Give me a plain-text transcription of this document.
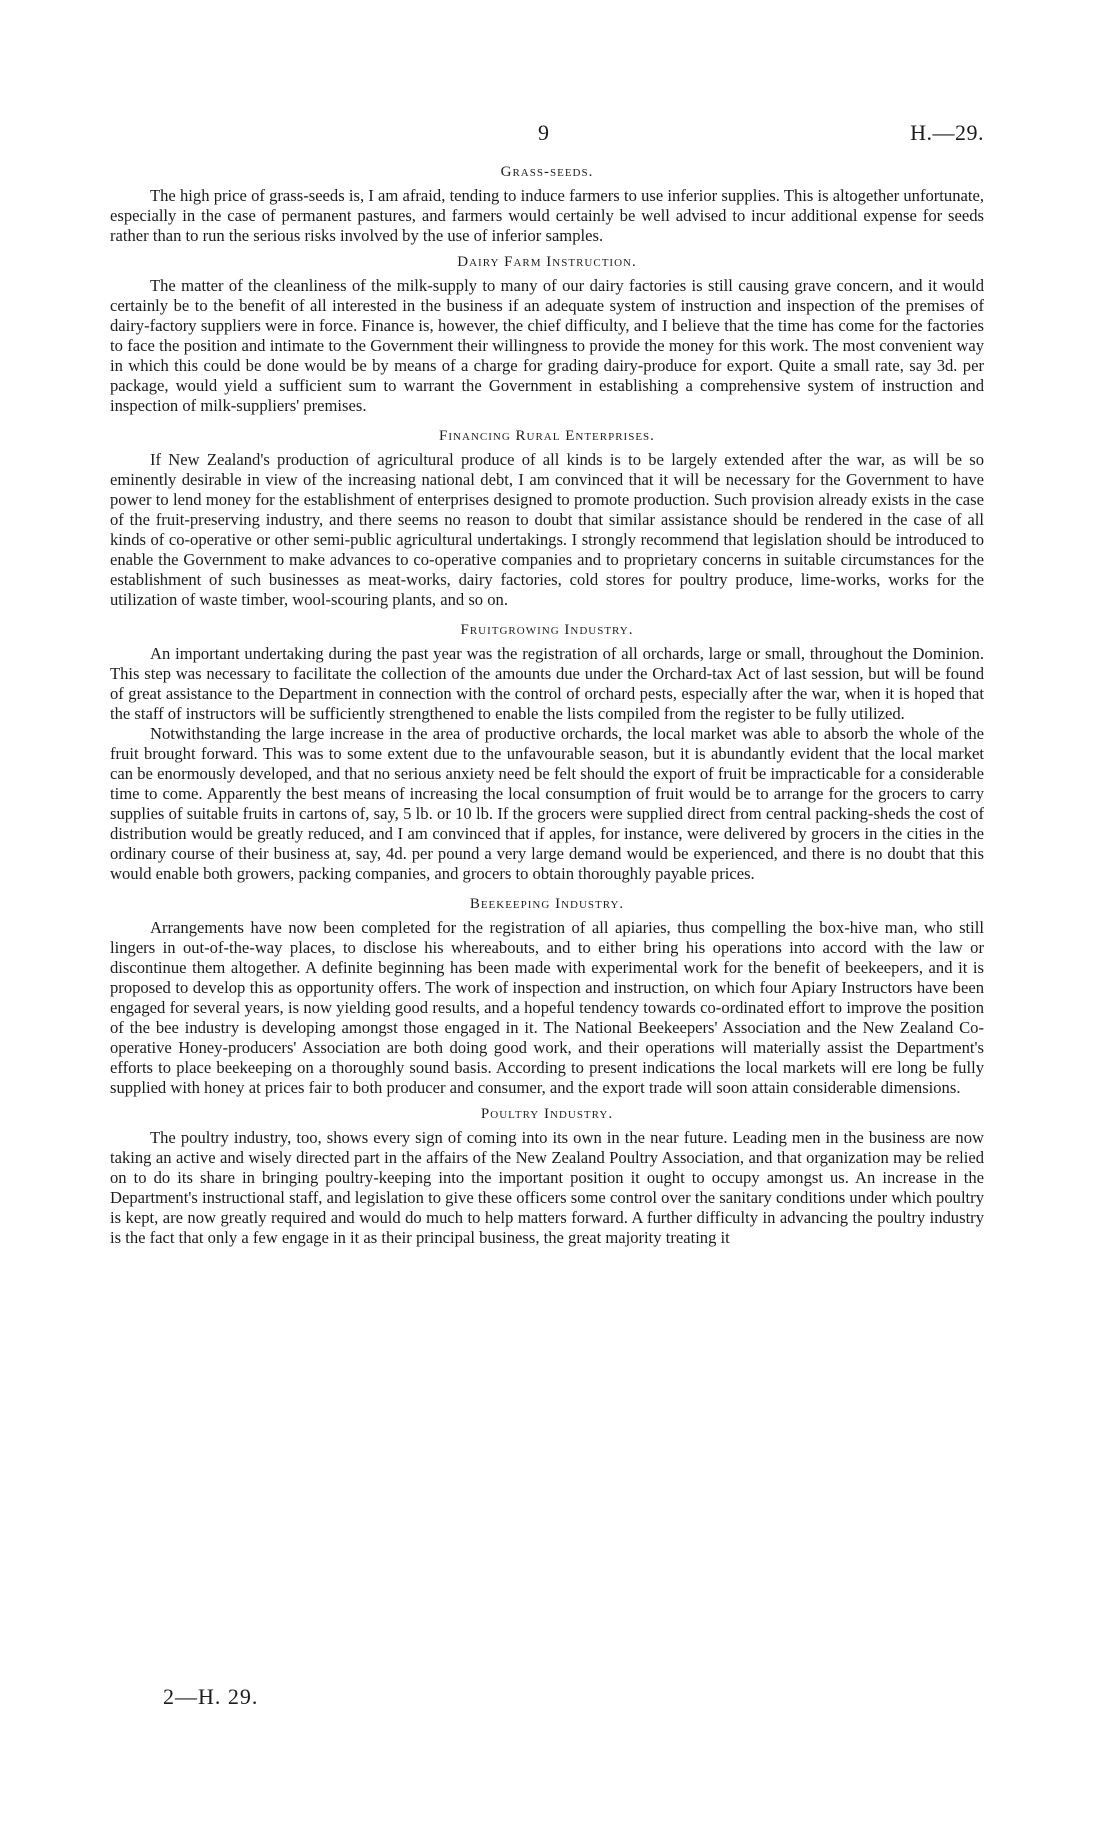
9	H.—29.
Grass-seeds.

The high price of grass-seeds is, I am afraid, tending to induce farmers to use inferior supplies. This is altogether unfortunate, especially in the case of permanent pastures, and farmers would certainly be well advised to incur additional expense for seeds rather than to run the serious risks involved by the use of inferior samples.

Dairy Farm Instruction.

The matter of the cleanliness of the milk-supply to many of our dairy factories is still causing grave concern, and it would certainly be to the benefit of all interested in the business if an adequate system of instruction and inspection of the premises of dairy-factory suppliers were in force. Finance is, however, the chief difficulty, and I believe that the time has come for the factories to face the position and intimate to the Government their willingness to provide the money for this work. The most convenient way in which this could be done would be by means of a charge for grading dairy-produce for export. Quite a small rate, say 3d. per package, would yield a sufficient sum to warrant the Government in establishing a comprehensive system of instruction and inspection of milk-suppliers' premises.

Financing Rural Enterprises.

If New Zealand's production of agricultural produce of all kinds is to be largely extended after the war, as will be so eminently desirable in view of the increasing national debt, I am convinced that it will be necessary for the Government to have power to lend money for the establishment of enterprises designed to promote production. Such provision already exists in the case of the fruit-preserving industry, and there seems no reason to doubt that similar assistance should be rendered in the case of all kinds of co-operative or other semi-public agricultural undertakings. I strongly recommend that legislation should be introduced to enable the Government to make advances to co-operative companies and to proprietary concerns in suitable circumstances for the establishment of such businesses as meat-works, dairy factories, cold stores for poultry produce, lime-works, works for the utilization of waste timber, wool-scouring plants, and so on.

Fruitgrowing Industry.

An important undertaking during the past year was the registration of all orchards, large or small, throughout the Dominion. This step was necessary to facilitate the collection of the amounts due under the Orchard-tax Act of last session, but will be found of great assistance to the Department in connection with the control of orchard pests, especially after the war, when it is hoped that the staff of instructors will be sufficiently strengthened to enable the lists compiled from the register to be fully utilized.

Notwithstanding the large increase in the area of productive orchards, the local market was able to absorb the whole of the fruit brought forward. This was to some extent due to the unfavourable season, but it is abundantly evident that the local market can be enormously developed, and that no serious anxiety need be felt should the export of fruit be impracticable for a considerable time to come. Apparently the best means of increasing the local consumption of fruit would be to arrange for the grocers to carry supplies of suitable fruits in cartons of, say, 5 lb. or 10 lb. If the grocers were supplied direct from central packing-sheds the cost of distribution would be greatly reduced, and I am convinced that if apples, for instance, were delivered by grocers in the cities in the ordinary course of their business at, say, 4d. per pound a very large demand would be experienced, and there is no doubt that this would enable both growers, packing companies, and grocers to obtain thoroughly payable prices.

Beekeeping Industry.

Arrangements have now been completed for the registration of all apiaries, thus compelling the box-hive man, who still lingers in out-of-the-way places, to disclose his whereabouts, and to either bring his operations into accord with the law or discontinue them altogether. A definite beginning has been made with experimental work for the benefit of beekeepers, and it is proposed to develop this as opportunity offers. The work of inspection and instruction, on which four Apiary Instructors have been engaged for several years, is now yielding good results, and a hopeful tendency towards co-ordinated effort to improve the position of the bee industry is developing amongst those engaged in it. The National Beekeepers' Association and the New Zealand Co-operative Honey-producers' Association are both doing good work, and their operations will materially assist the Department's efforts to place beekeeping on a thoroughly sound basis. According to present indications the local markets will ere long be fully supplied with honey at prices fair to both producer and consumer, and the export trade will soon attain considerable dimensions.

Poultry Industry.

The poultry industry, too, shows every sign of coming into its own in the near future. Leading men in the business are now taking an active and wisely directed part in the affairs of the New Zealand Poultry Association, and that organization may be relied on to do its share in bringing poultry-keeping into the important position it ought to occupy amongst us. An increase in the Department's instructional staff, and legislation to give these officers some control over the sanitary conditions under which poultry is kept, are now greatly required and would do much to help matters forward. A further difficulty in advancing the poultry industry is the fact that only a few engage in it as their principal business, the great majority treating it

2—H. 29.
